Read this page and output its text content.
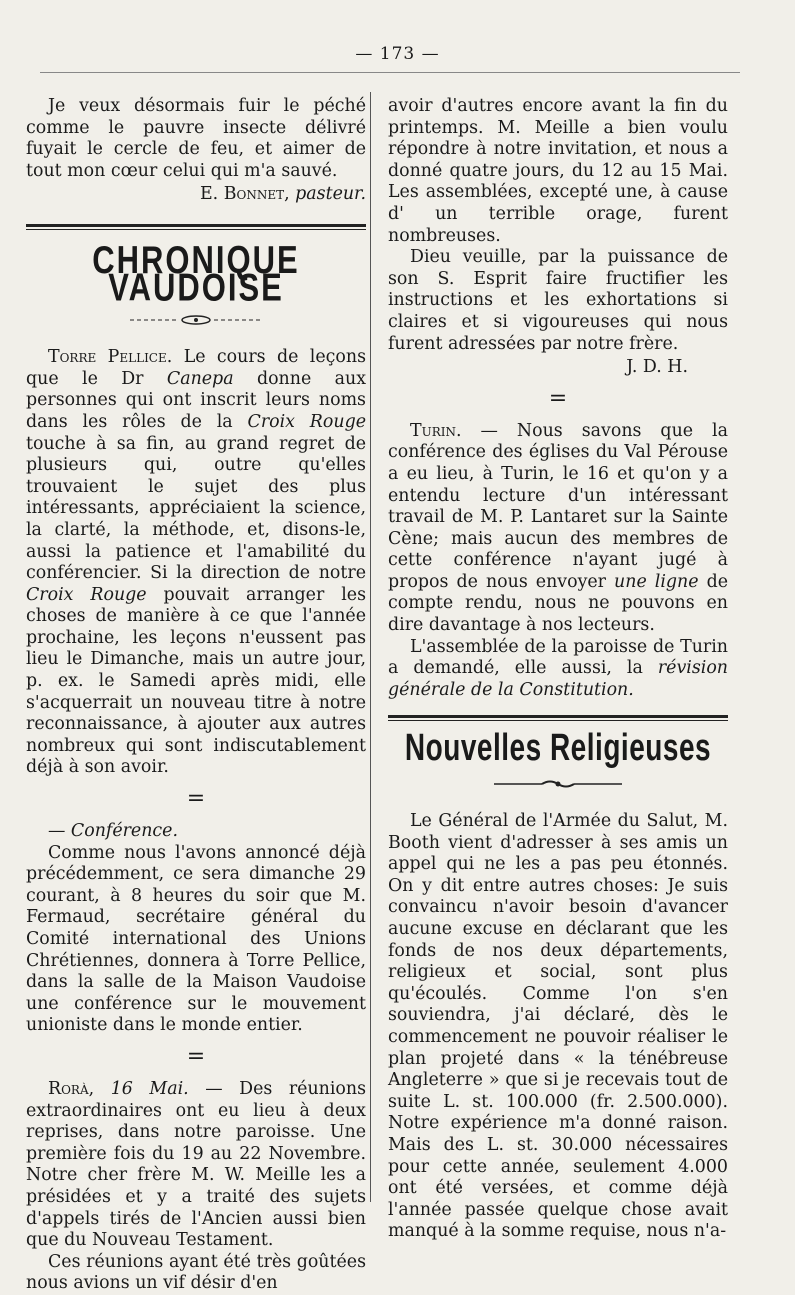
— 173 —

Je veux désormais fuir le péché comme le pauvre insecte délivré fuyait le cercle de feu, et aimer de tout mon cœur celui qui m'a sauvé.

E. Bonnet, pasteur.
CHRONIQUE VAUDOISE

Torre Pellice. Le cours de leçons que le Dr Canepa donne aux personnes qui ont inscrit leurs noms dans les rôles de la Croix Rouge touche à sa fin, au grand regret de plusieurs qui, outre qu'elles trouvaient le sujet des plus intéressants, appréciaient la science, la clarté, la méthode, et, disons-le, aussi la patience et l'amabilité du conférencier. Si la direction de notre Croix Rouge pouvait arranger les choses de manière à ce que l'année prochaine, les leçons n'eussent pas lieu le Dimanche, mais un autre jour, p. ex. le Samedi après midi, elle s'acquerrait un nouveau titre à notre reconnaissance, à ajouter aux autres nombreux qui sont indiscutablement déjà à son avoir.

=

— Conférence.

Comme nous l'avons annoncé déjà précédemment, ce sera dimanche 29 courant, à 8 heures du soir que M. Fermaud, secrétaire général du Comité international des Unions Chrétiennes, donnera à Torre Pellice, dans la salle de la Maison Vaudoise une conférence sur le mouvement unioniste dans le monde entier.

=

Rorà, 16 Mai. — Des réunions extraordinaires ont eu lieu à deux reprises, dans notre paroisse. Une première fois du 19 au 22 Novembre. Notre cher frère M. W. Meille les a présidées et y a traité des sujets d'appels tirés de l'Ancien aussi bien que du Nouveau Testament.

Ces réunions ayant été très goûtées nous avions un vif désir d'en

avoir d'autres encore avant la fin du printemps. M. Meille a bien voulu répondre à notre invitation, et nous a donné quatre jours, du 12 au 15 Mai. Les assemblées, excepté une, à cause d' un terrible orage, furent nombreuses.

Dieu veuille, par la puissance de son S. Esprit faire fructifier les instructions et les exhortations si claires et si vigoureuses qui nous furent adressées par notre frère.

J. D. H.
=

Turin. — Nous savons que la conférence des églises du Val Pérouse a eu lieu, à Turin, le 16 et qu'on y a entendu lecture d'un intéressant travail de M. P. Lantaret sur la Sainte Cène; mais aucun des membres de cette conférence n'ayant jugé à propos de nous envoyer une ligne de compte rendu, nous ne pouvons en dire davantage à nos lecteurs.

L'assemblée de la paroisse de Turin a demandé, elle aussi, la révision générale de la Constitution.

Nouvelles Religieuses

Le Général de l'Armée du Salut, M. Booth vient d'adresser à ses amis un appel qui ne les a pas peu étonnés. On y dit entre autres choses: Je suis convaincu n'avoir besoin d'avancer aucune excuse en déclarant que les fonds de nos deux départements, religieux et social, sont plus qu'écoulés. Comme l'on s'en souviendra, j'ai déclaré, dès le commencement ne pouvoir réaliser le plan projeté dans « la ténébreuse Angleterre » que si je recevais tout de suite L. st. 100.000 (fr. 2.500.000). Notre expérience m'a donné raison. Mais des L. st. 30.000 nécessaires pour cette année, seulement 4.000 ont été versées, et comme déjà l'année passée quelque chose avait manqué à la somme requise, nous n'a-
